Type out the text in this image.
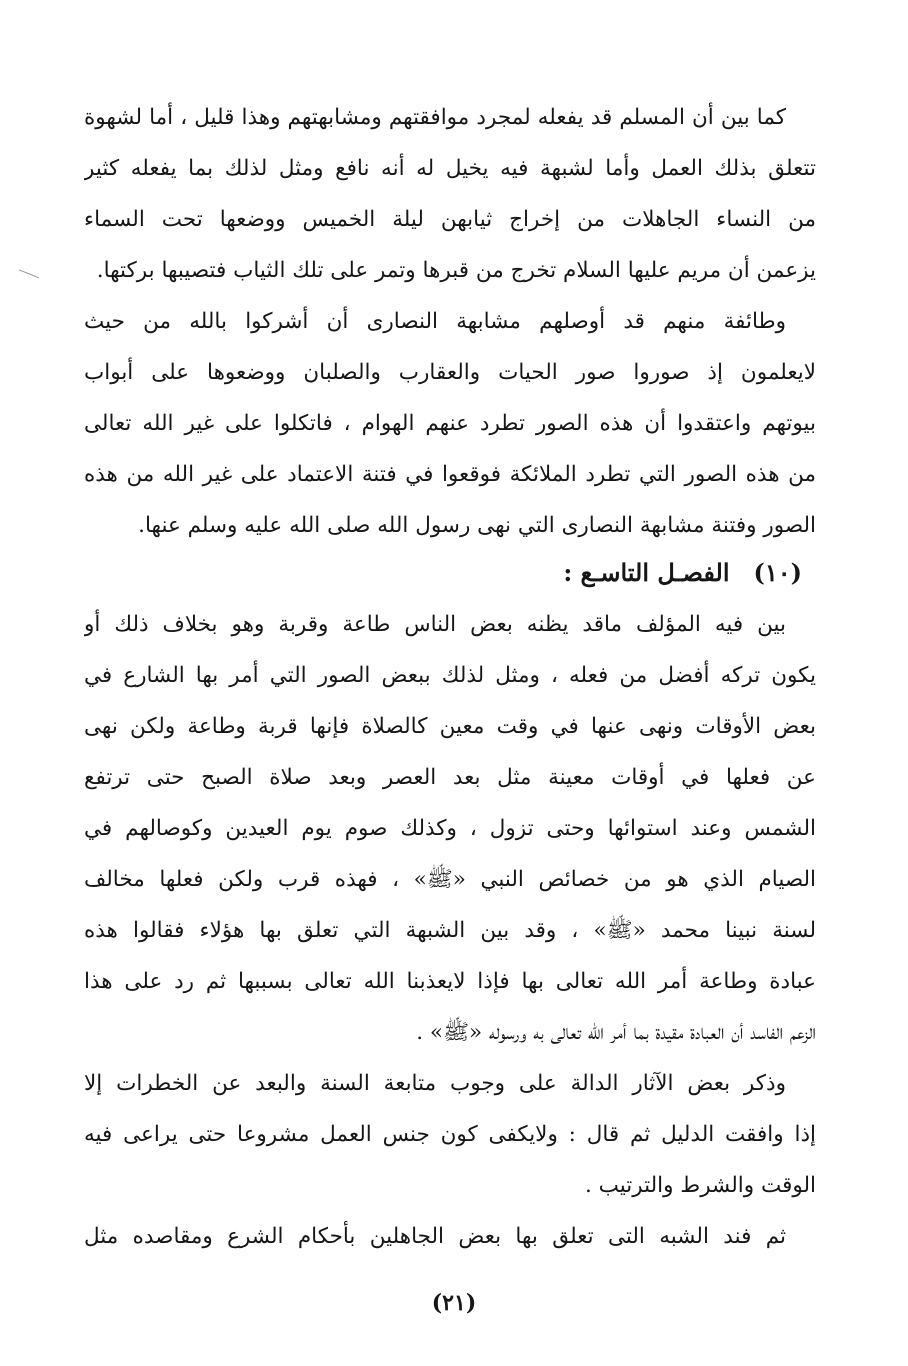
كما بين أن المسلم قد يفعله لمجرد موافقتهم ومشابهتهم وهذا قليل ، أما لشهوة
تتعلق بذلك العمل وأما لشبهة فيه يخيل له أنه نافع ومثل لذلك بما يفعله كثير
من النساء الجاهلات من إخراج ثيابهن ليلة الخميس ووضعها تحت السماء
يزعمن أن مريم عليها السلام تخرج من قبرها وتمر على تلك الثياب فتصيبها بركتها.
وطائفة منهم قد أوصلهم مشابهة النصارى أن أشركوا بالله من حيث
لايعلمون إذ صوروا صور الحيات والعقارب والصلبان ووضعوها على أبواب
بيوتهم واعتقدوا أن هذه الصور تطرد عنهم الهوام ، فاتكلوا على غير الله تعالى
من هذه الصور التي تطرد الملائكة فوقعوا في فتنة الاعتماد على غير الله من هذه
الصور وفتنة مشابهة النصارى التي نهى رسول الله صلى الله عليه وسلم عنها.
(١٠)الفصـل التاسـع :
بين فيه المؤلف ماقد يظنه بعض الناس طاعة وقربة وهو بخلاف ذلك أو
يكون تركه أفضل من فعله ، ومثل لذلك ببعض الصور التي أمر بها الشارع في
بعض الأوقات ونهى عنها في وقت معين كالصلاة فإنها قربة وطاعة ولكن نهى
عن فعلها في أوقات معينة مثل بعد العصر وبعد صلاة الصبح حتى ترتفع
الشمس وعند استوائها وحتى تزول ، وكذلك صوم يوم العيدين وكوصالهم في
الصيام الذي هو من خصائص النبي «ﷺ» ، فهذه قرب ولكن فعلها مخالف
لسنة نبينا محمد «ﷺ» ، وقد بين الشبهة التي تعلق بها هؤلاء فقالوا هذه
عبادة وطاعة أمر الله تعالى بها فإذا لايعذبنا الله تعالى بسببها ثم رد على هذا
الزعم الفاسد أن العبادة مقيدة بما أمر الله تعالى به ورسوله «ﷺ» .
وذكر بعض الآثار الدالة على وجوب متابعة السنة والبعد عن الخطرات إلا
إذا وافقت الدليل ثم قال : ولايكفى كون جنس العمل مشروعا حتى يراعى فيه
الوقت والشرط والترتيب .
ثم فند الشبه التى تعلق بها بعض الجاهلين بأحكام الشرع ومقاصده مثل
(٢١)
